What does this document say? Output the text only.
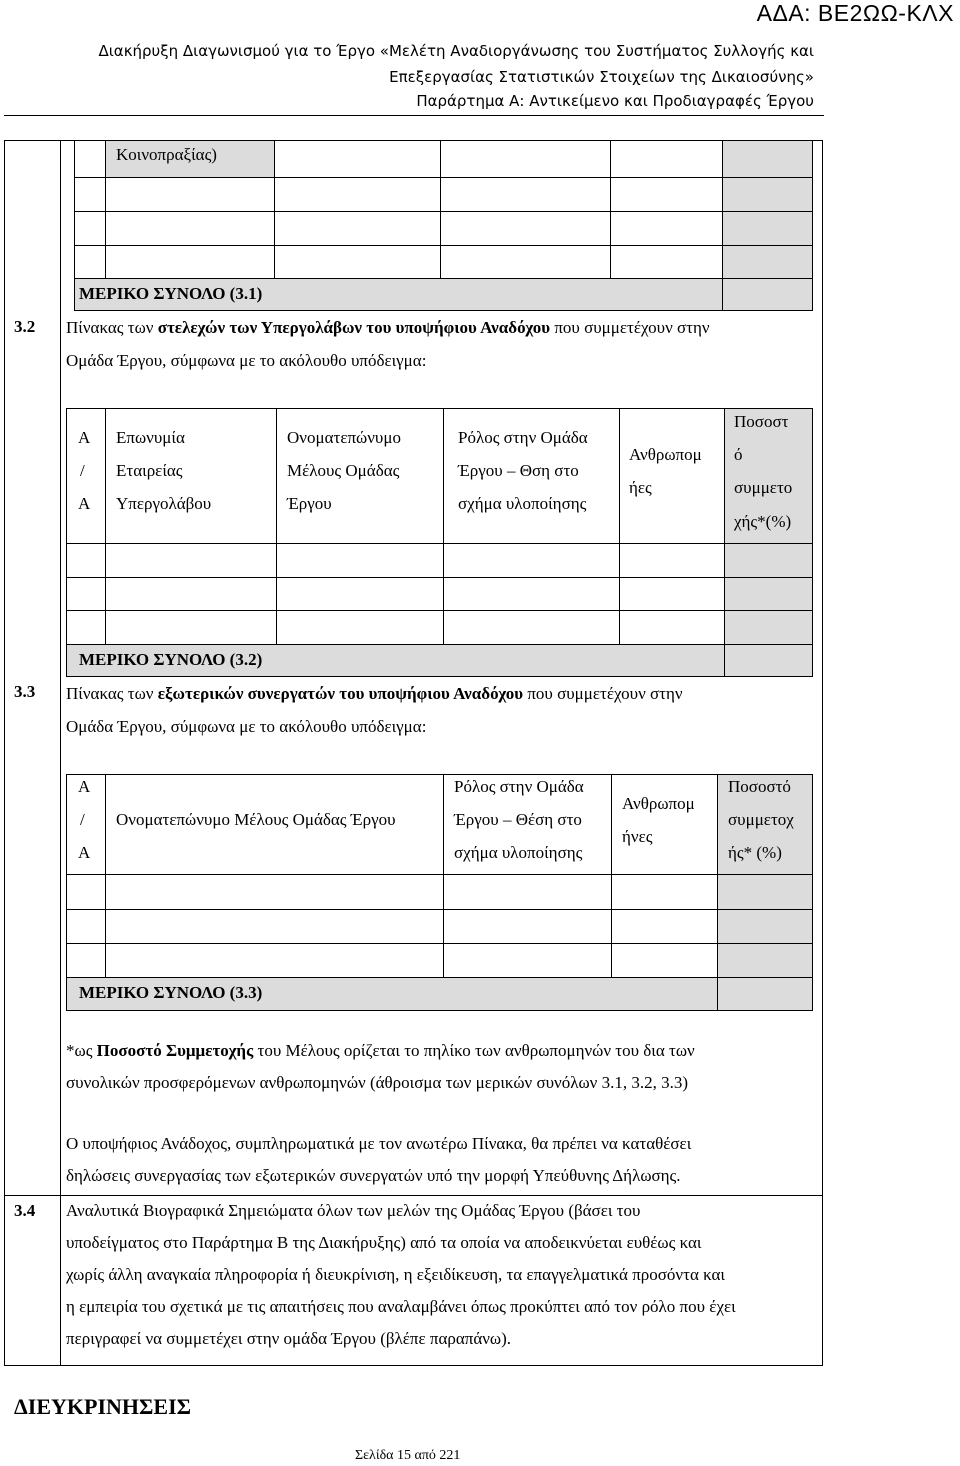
ΑΔΑ: ΒΕ2ΩΩ-ΚΛΧ
Διακήρυξη Διαγωνισμού για το Έργο «Μελέτη Αναδιοργάνωσης του Συστήματος Συλλογής και
Επεξεργασίας Στατιστικών Στοιχείων της Δικαιοσύνης»
Παράρτημα Α: Αντικείμενο και Προδιαγραφές Έργου
Κοινοπραξίας)
ΜΕΡΙΚΟ ΣΥΝΟΛΟ (3.1)
3.2 Πίνακας των στελεχών των Υπεργολάβων του υποψήφιου Αναδόχου που συμμετέχουν στην
Ομάδα Έργου, σύμφωνα με το ακόλουθο υπόδειγμα:
Α
/
Α
Επωνυμία
Εταιρείας
Υπεργολάβου
Ονοματεπώνυμο
Μέλους Ομάδας
Έργου
Ρόλος στην Ομάδα
Έργου – Θση στο
σχήμα υλοποίησης
Ανθρωπομ
ήες
Ποσοστ
ό
συμμετο
χής*(%)
ΜΕΡΙΚΟ ΣΥΝΟΛΟ (3.2)
3.3 Πίνακας των εξωτερικών συνεργατών του υποψήφιου Αναδόχου που συμμετέχουν στην
Ομάδα Έργου, σύμφωνα με το ακόλουθο υπόδειγμα:
Α
/
Α
Ονοματεπώνυμο Μέλους Ομάδας Έργου
Ρόλος στην Ομάδα
Έργου – Θέση στο
σχήμα υλοποίησης
Ανθρωπομ
ήνες
Ποσοστό
συμμετοχ
ής* (%)
ΜΕΡΙΚΟ ΣΥΝΟΛΟ (3.3)
*ως Ποσοστό Συμμετοχής του Μέλους ορίζεται το πηλίκο των ανθρωπομηνών του δια των
συνολικών προσφερόμενων ανθρωπομηνών (άθροισμα των μερικών συνόλων 3.1, 3.2, 3.3)
Ο υποψήφιος Ανάδοχος, συμπληρωματικά με τον ανωτέρω Πίνακα, θα πρέπει να καταθέσει
δηλώσεις συνεργασίας των εξωτερικών συνεργατών υπό την μορφή Υπεύθυνης Δήλωσης.
3.4 Αναλυτικά Βιογραφικά Σημειώματα όλων των μελών της Ομάδας Έργου (βάσει του
υποδείγματος στο Παράρτημα Β της Διακήρυξης) από τα οποία να αποδεικνύεται ευθέως και
χωρίς άλλη αναγκαία πληροφορία ή διευκρίνιση, η εξειδίκευση, τα επαγγελματικά προσόντα και
η εμπειρία του σχετικά με τις απαιτήσεις που αναλαμβάνει όπως προκύπτει από τον ρόλο που έχει
περιγραφεί να συμμετέχει στην ομάδα Έργου (βλέπε παραπάνω).
ΔΙΕΥΚΡΙΝΗΣΕΙΣ
Σελίδα 15 από 221
